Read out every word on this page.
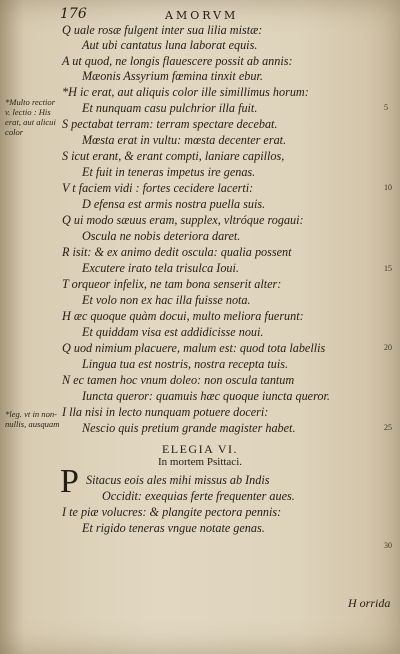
176	AMORVM
Q uale rosæ fulgent inter sua lilia mistæ:
Aut ubi cantatus luna laborat equis.
A ut quod, ne longis flauescere possit ab annis:
Mæonis Assyrium fœmina tinxit ebur.
*H ic erat, aut aliquis color ille simillimus horum:
Et nunquam casu pulchrior illa fuit.
S pectabat terram: terram spectare decebat.
Mœsta erat in vultu: mœsta decenter erat.
S icut erant, & erant compti, laniare capillos,
Et fuit in teneras impetus ire genas.
V t faciem vidi : fortes cecidere lacerti:
D efensa est armis nostra puella suis.
Q ui modo sæuus eram, supplex, vltróque rogaui:
Oscula ne nobis deteriora daret.
R isit: & ex animo dedit oscula: qualia possent
Excutere irato tela trisulca Ioui.
T orqueor infelix, ne tam bona senserit alter:
Et volo non ex hac illa fuisse nota.
H æc quoque quàm docui, multo meliora fuerunt:
Et quiddam visa est addidicisse noui.
Q uod nimium placuere, malum est: quod tota labellis
Lingua tua est nostris, nostra recepta tuis.
N ec tamen hoc vnum doleo: non oscula tantum
Iuncta queror: quamuis hæc quoque iuncta queror.
I lla nisi in lecto nunquam potuere doceri:
Nescio quis pretium grande magister habet.
*Multo rectior
v. lectio : His
erat, aut alicui
color
*leg. vt in non-
nullis, ausquam
5
10
15
20
25
30
ELEGIA VI.
In mortem Psittaci.
P Sitacus eois ales mihi missus ab Indis
Occidit: exequias ferte frequenter aues.
I te piæ volucres: & plangite pectora pennis:
Et rigido teneras vngue notate genas.
H orrida
